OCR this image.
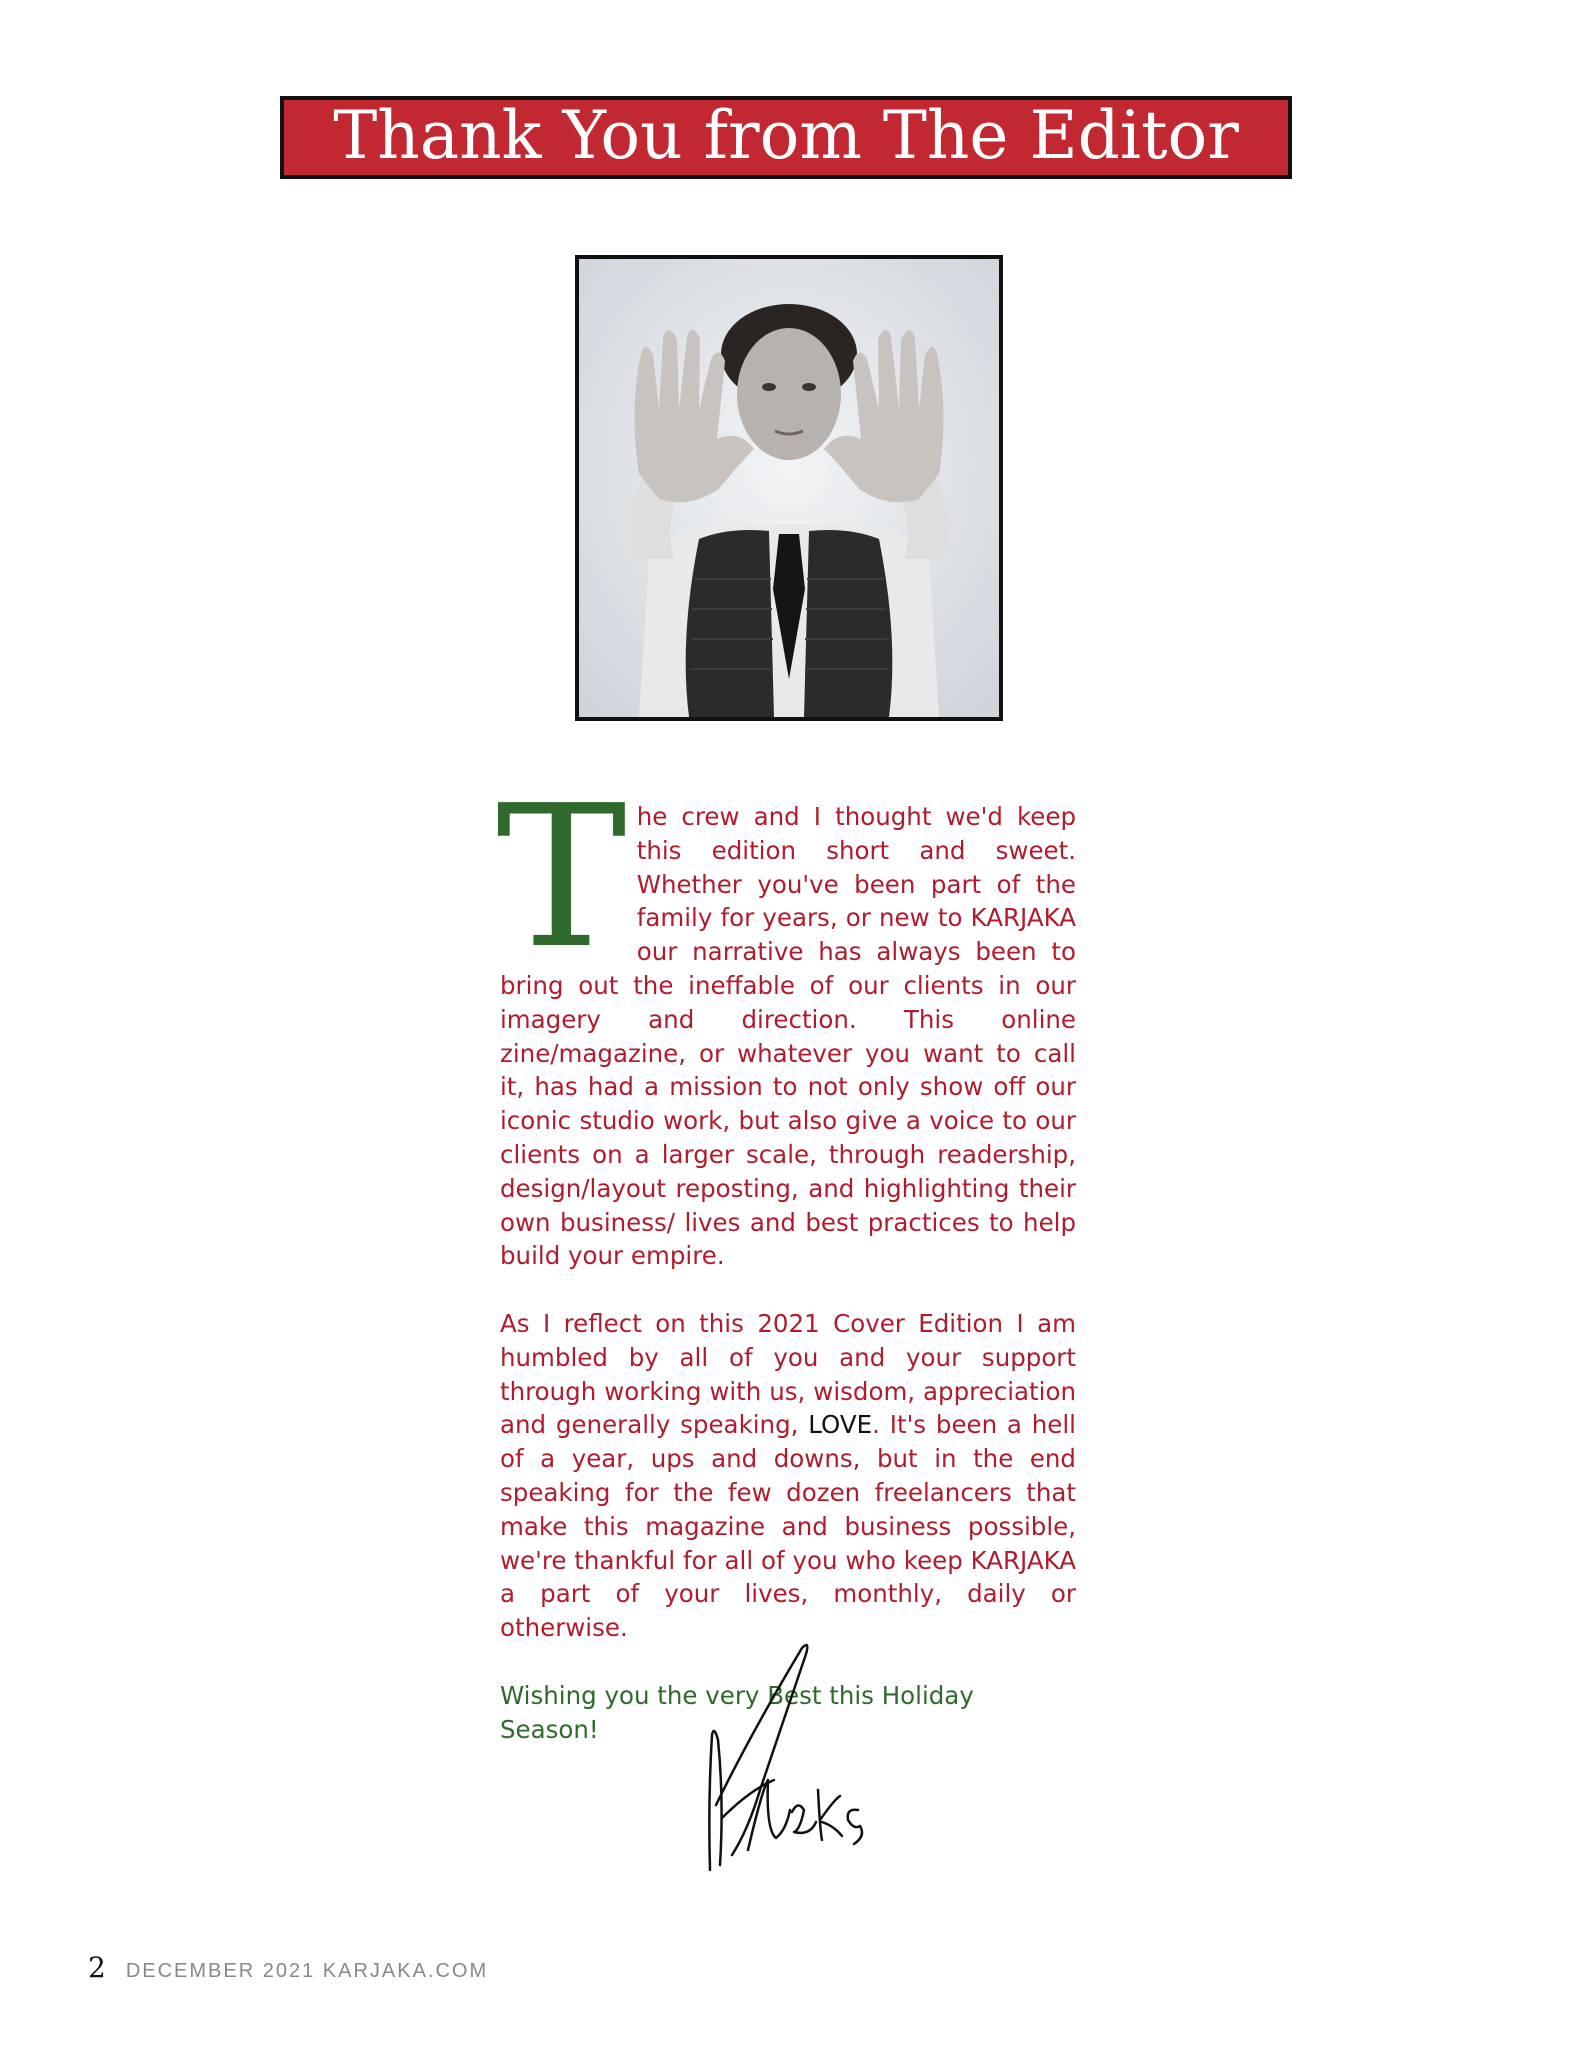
Thank You from The Editor

The crew and I thought we'd keep this edition short and sweet. Whether you've been part of the family for years, or new to KARJAKA our narrative has always been to bring out the ineffable of our clients in our imagery and direction. This online zine/magazine, or whatever you want to call it, has had a mission to not only show off our iconic studio work, but also give a voice to our clients on a larger scale, through readership, design/layout reposting, and highlighting their own business/ lives and best practices to help build your empire.

As I reflect on this 2021 Cover Edition I am humbled by all of you and your support through working with us, wisdom, appreciation and generally speaking, LOVE. It's been a hell of a year, ups and downs, but in the end speaking for the few dozen freelancers that make this magazine and business possible, we're thankful for all of you who keep KARJAKA a part of your lives, monthly, daily or otherwise.

Wishing you the very Best this Holiday Season!

2 DECEMBER 2021 KARJAKA.COM
